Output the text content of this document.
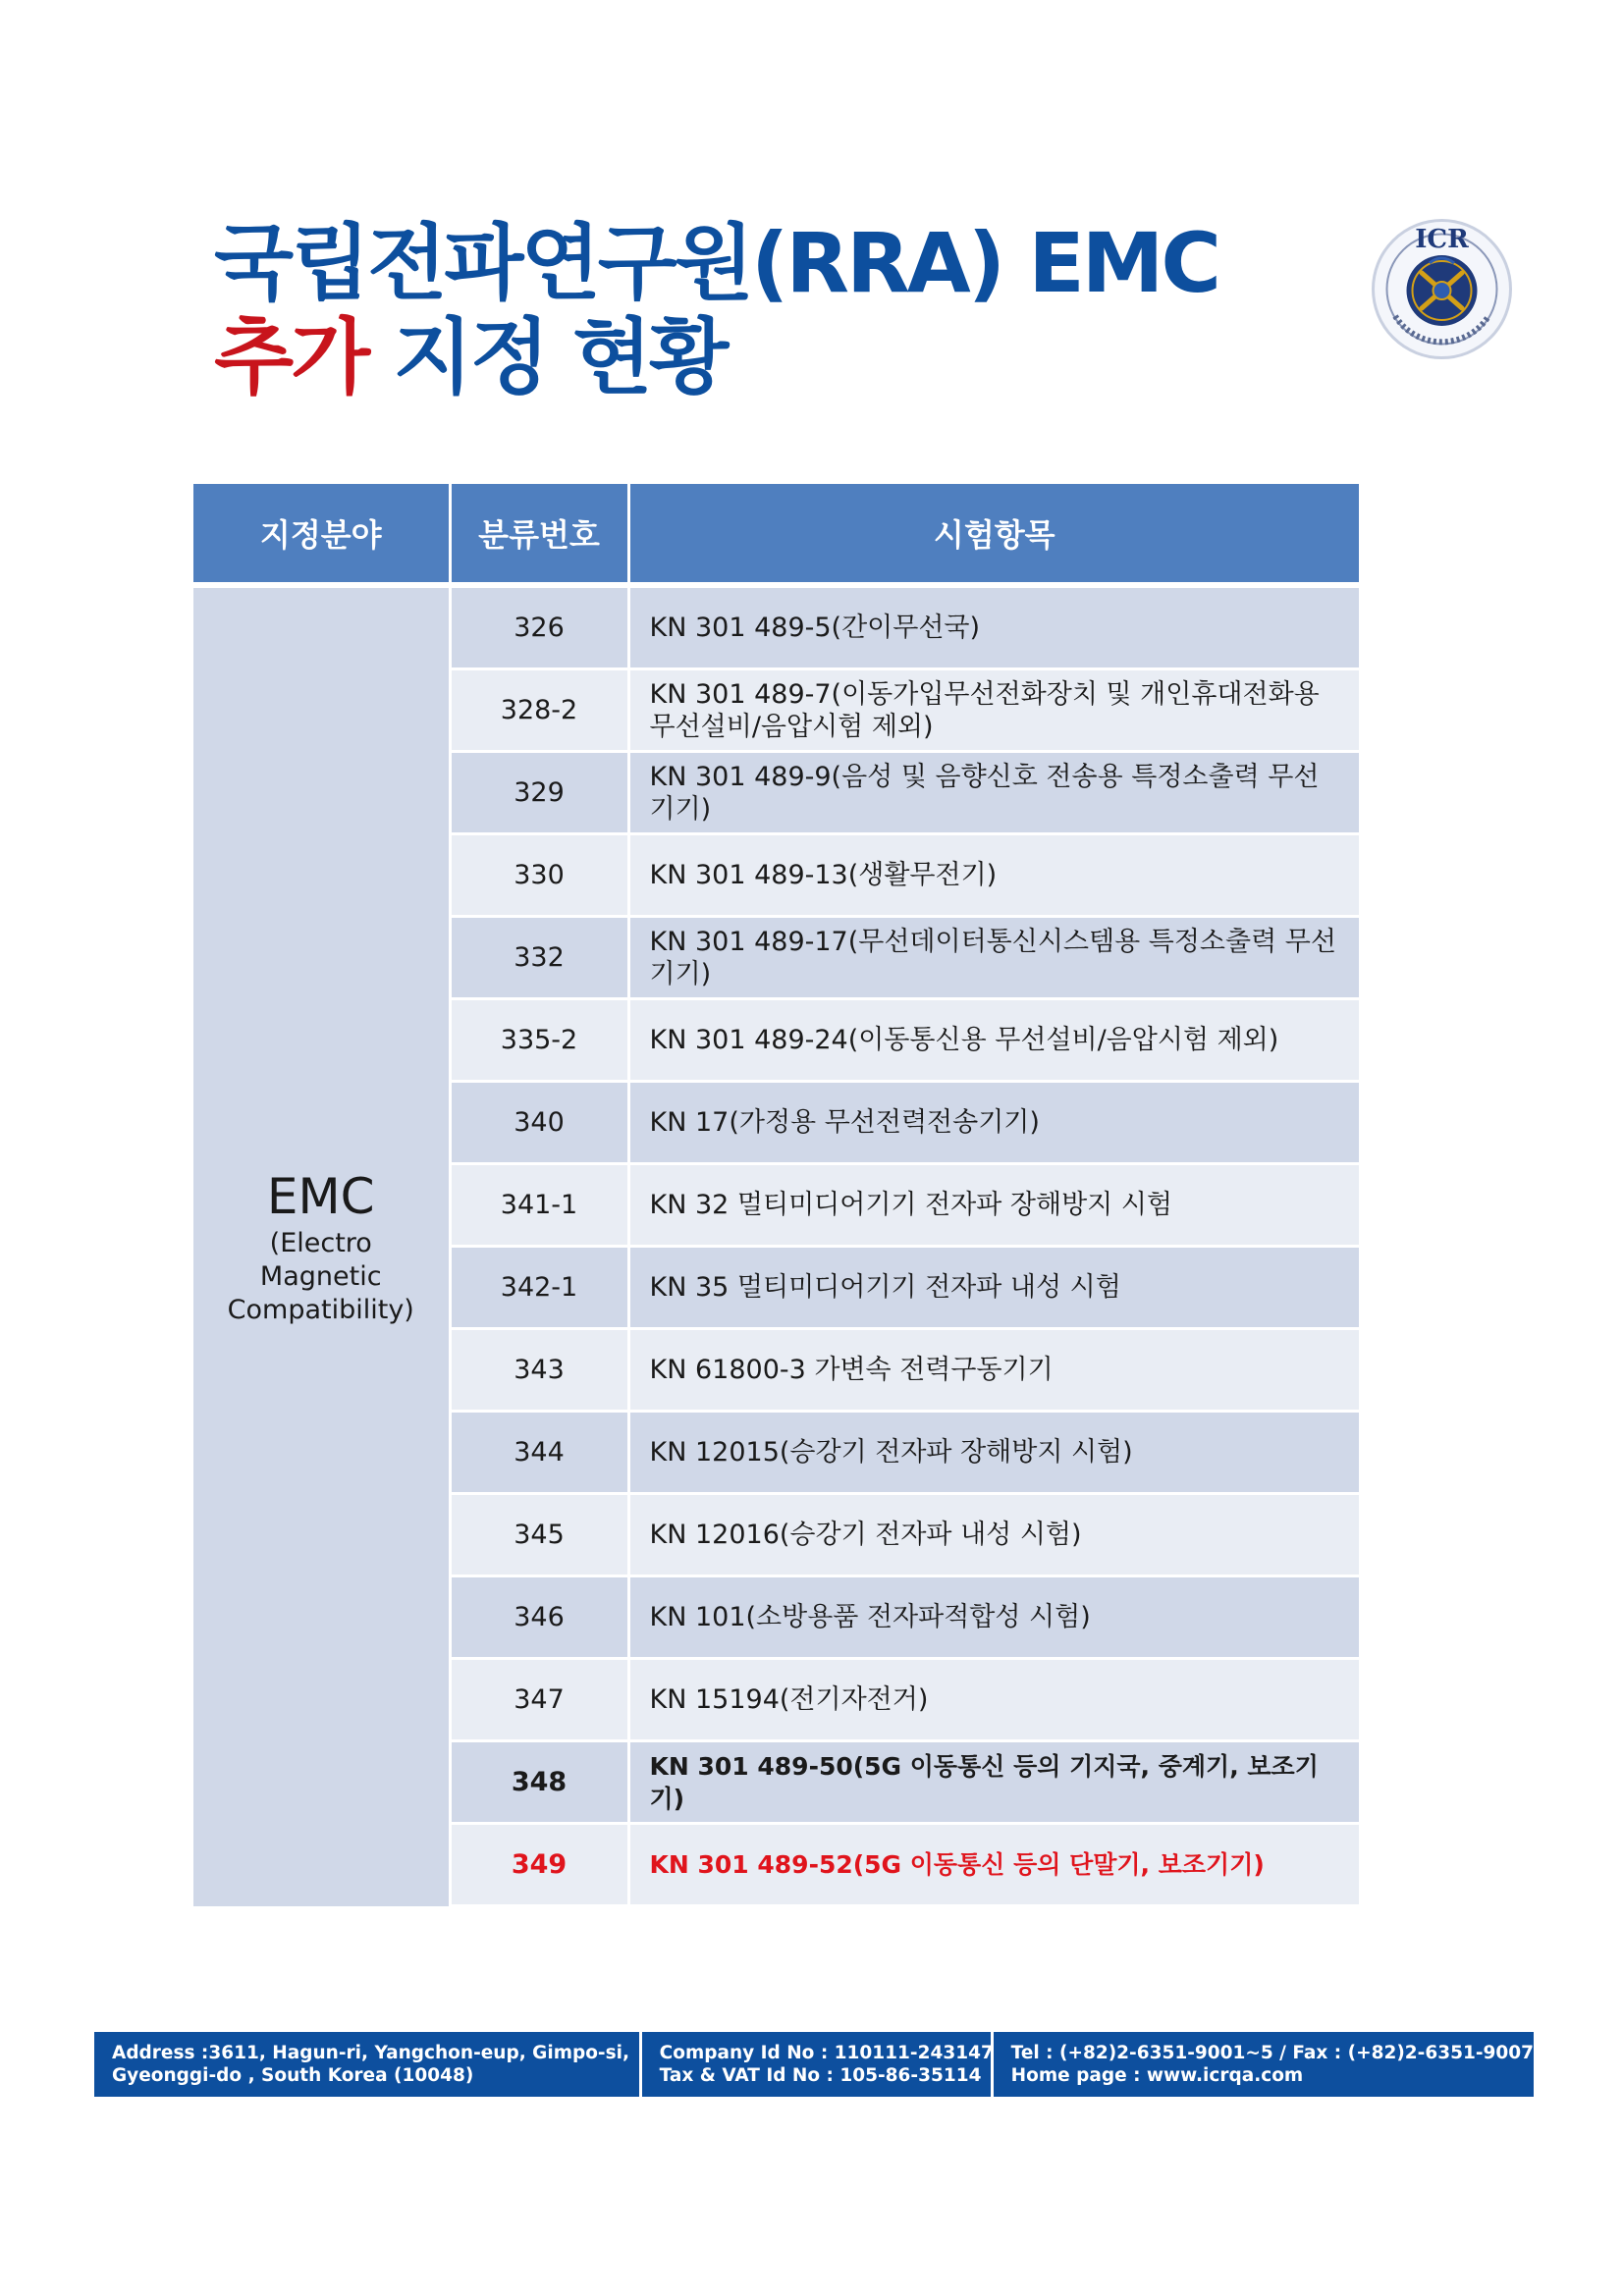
국립전파연구원(RRA) EMC
추가 지정 현황
ICR
지정분야	분류번호	시험항목

EMC
(Electro
Magnetic
Compatibility)	326	KN 301 489-5(간이무선국)
	328-2	KN 301 489-7(이동가입무선전화장치 및 개인휴대전화용 무선설비/음압시험 제외)
	329	KN 301 489-9(음성 및 음향신호 전송용 특정소출력 무선기기)
	330	KN 301 489-13(생활무전기)
	332	KN 301 489-17(무선데이터통신시스템용 특정소출력 무선기기)
	335-2	KN 301 489-24(이동통신용 무선설비/음압시험 제외)
	340	KN 17(가정용 무선전력전송기기)
	341-1	KN 32 멀티미디어기기 전자파 장해방지 시험
	342-1	KN 35 멀티미디어기기 전자파 내성 시험
	343	KN 61800-3 가변속 전력구동기기
	344	KN 12015(승강기 전자파 장해방지 시험)
	345	KN 12016(승강기 전자파 내성 시험)
	346	KN 101(소방용품 전자파적합성 시험)
	347	KN 15194(전기자전거)
	348	KN 301 489-50(5G 이동통신 등의 기지국, 중계기, 보조기기)
	349	KN 301 489-52(5G 이동통신 등의 단말기, 보조기기)
Address :3611, Hagun-ri, Yangchon-eup, Gimpo-si,
Gyeonggi-do , South Korea (10048)
Company Id No : 110111-243147
Tax & VAT Id No : 105-86-35114
Tel : (+82)2-6351-9001~5 / Fax : (+82)2-6351-9007
Home page : www.icrqa.com
